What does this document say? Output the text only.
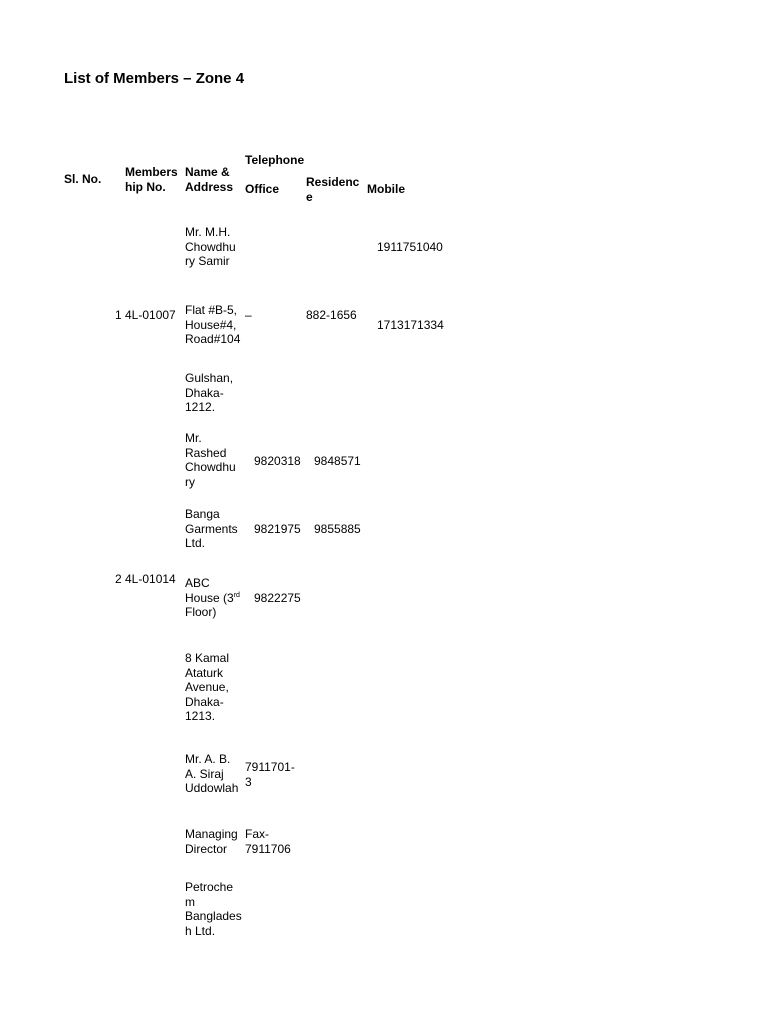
List of Members – Zone 4
Sl. No. Members
hip No.
Name &
Address
Telephone
Office Residenc
e
Mobile
Mr. M.H.
Chowdhu
ry Samir
1911751040
1 4L-01007 Flat #B-5,
House#4,
Road#104
–	882-1656
1713171334
Gulshan,
Dhaka-
1212.
Mr.
Rashed
Chowdhu
ry
9820318 9848571
Banga
Garments
Ltd.
9821975 9855885
2 4L-01014 ABC
House (3rd
Floor)
9822275
8 Kamal
Ataturk
Avenue,
Dhaka-
1213.
Mr. A. B.
A. Siraj
Uddowlah
7911701-
3
Managing
Director
Fax-
7911706
Petroche
m
Banglades
h Ltd.
